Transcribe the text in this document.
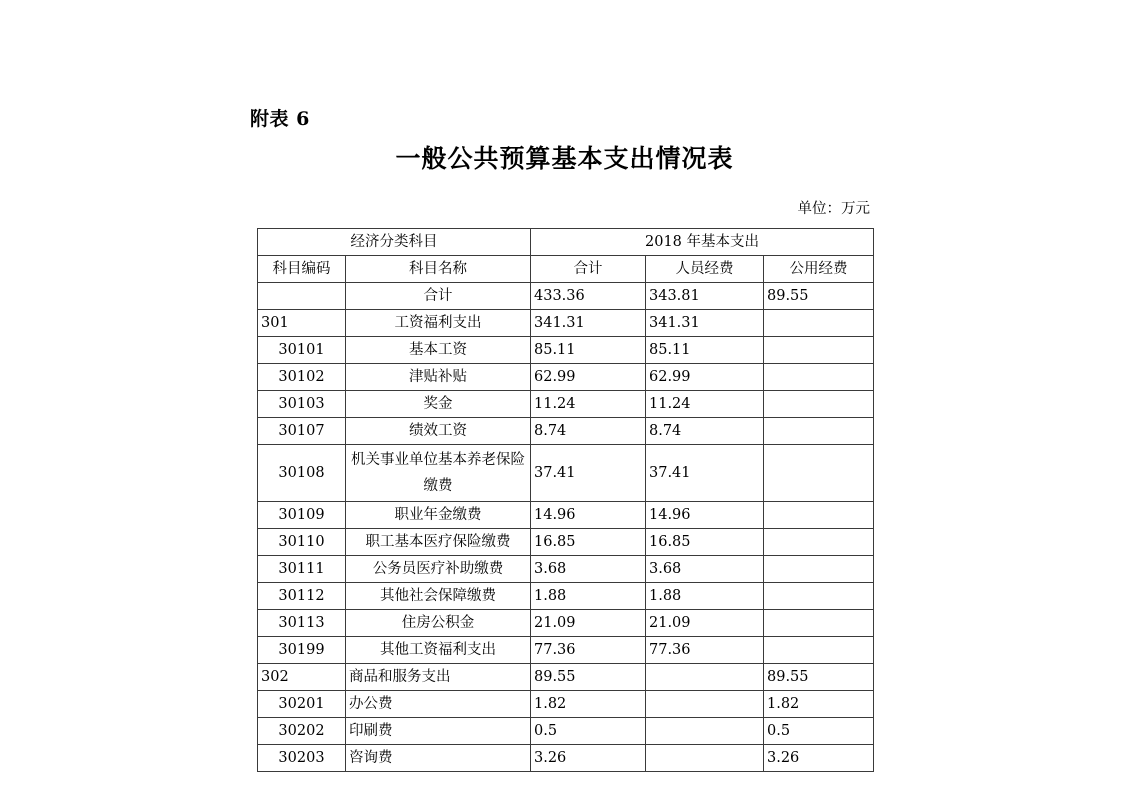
附表 6
一般公共预算基本支出情况表
单位：万元
经济分类科目		2018 年基本支出		
科目编码	科目名称	合计	人员经费	公用经费
	合计	433.36	343.81	89.55
301	工资福利支出	341.31	341.31	
30101	基本工资	85.11	85.11	
30102	津贴补贴	62.99	62.99	
30103	奖金	11.24	11.24	
30107	绩效工资	8.74	8.74	
30108	机关事业单位基本养老保险缴费	37.41	37.41	
30109	职业年金缴费	14.96	14.96	
30110	职工基本医疗保险缴费	16.85	16.85	
30111	公务员医疗补助缴费	3.68	3.68	
30112	其他社会保障缴费	1.88	1.88	
30113	住房公积金	21.09	21.09	
30199	其他工资福利支出	77.36	77.36	
302	商品和服务支出	89.55		89.55
30201	办公费	1.82		1.82
30202	印刷费	0.5		0.5
30203	咨询费	3.26		3.26
